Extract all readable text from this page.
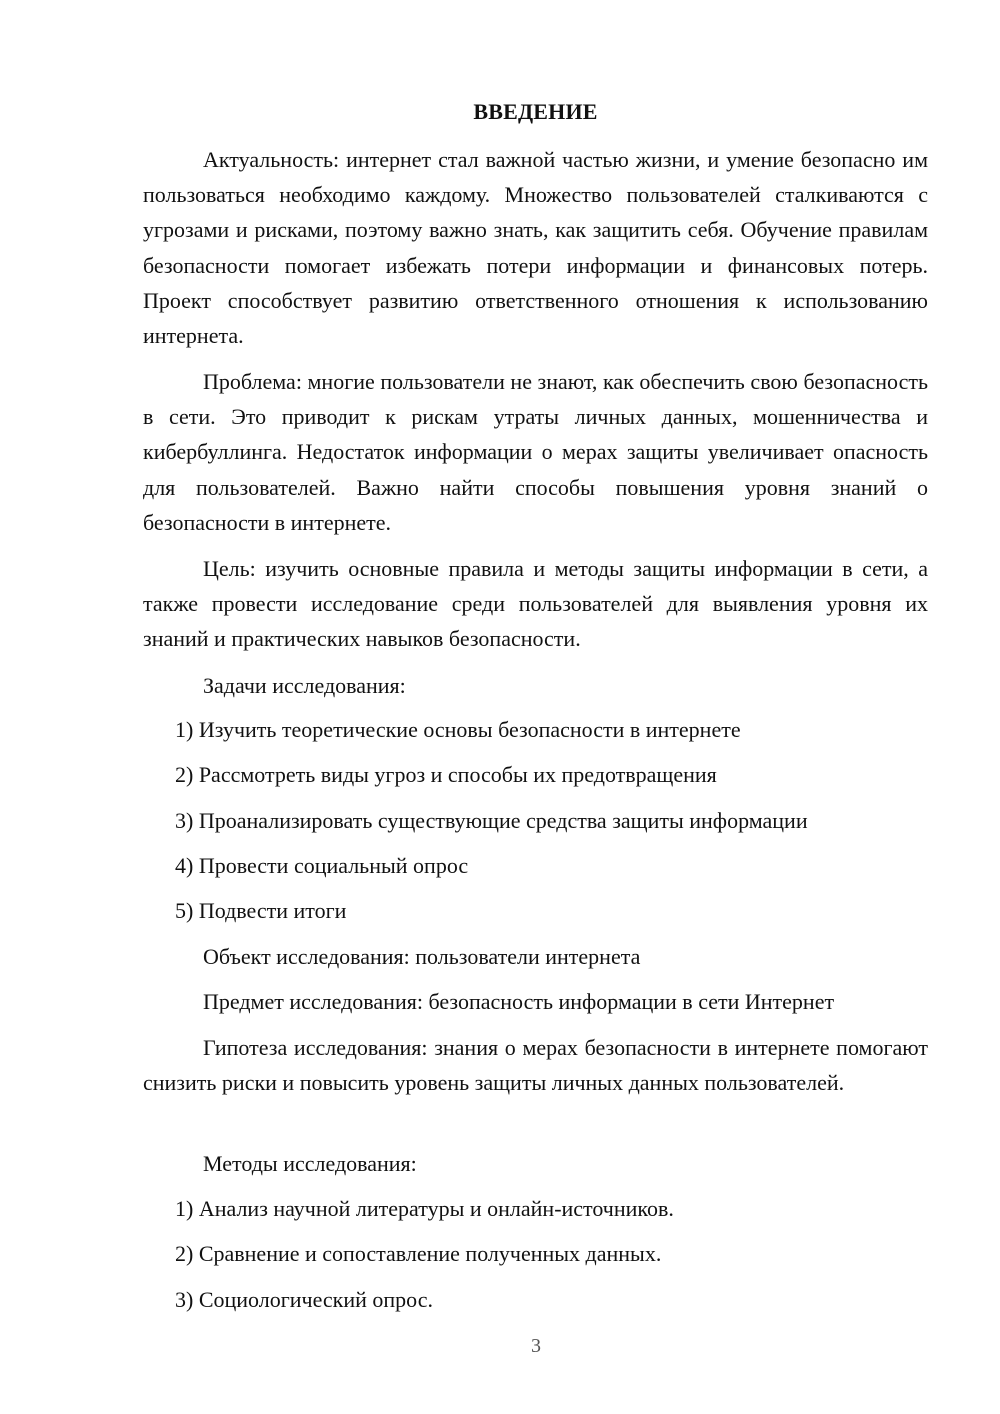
ВВЕДЕНИЕ

Актуальность: интернет стал важной частью жизни, и умение безопасно им пользоваться необходимо каждому. Множество пользователей сталкиваются с угрозами и рисками, поэтому важно знать, как защитить себя. Обучение правилам безопасности помогает избежать потери информации и финансовых потерь. Проект способствует развитию ответственного отношения к использованию интернета.

Проблема: многие пользователи не знают, как обеспечить свою безопасность в сети. Это приводит к рискам утраты личных данных, мошенничества и кибербуллинга. Недостаток информации о мерах защиты увеличивает опасность для пользователей. Важно найти способы повышения уровня знаний о безопасности в интернете.

Цель: изучить основные правила и методы защиты информации в сети, а также провести исследование среди пользователей для выявления уровня их знаний и практических навыков безопасности.

Задачи исследования:
1) Изучить теоретические основы безопасности в интернете
2) Рассмотреть виды угроз и способы их предотвращения
3) Проанализировать существующие средства защиты информации
4) Провести социальный опрос
5) Подвести итоги
Объект исследования: пользователи интернета
Предмет исследования: безопасность информации в сети Интернет

Гипотеза исследования: знания о мерах безопасности в интернете помогают снизить риски и повысить уровень защиты личных данных пользователей.

Методы исследования:
1) Анализ научной литературы и онлайн-источников.
2) Сравнение и сопоставление полученных данных.
3) Социологический опрос.
3
